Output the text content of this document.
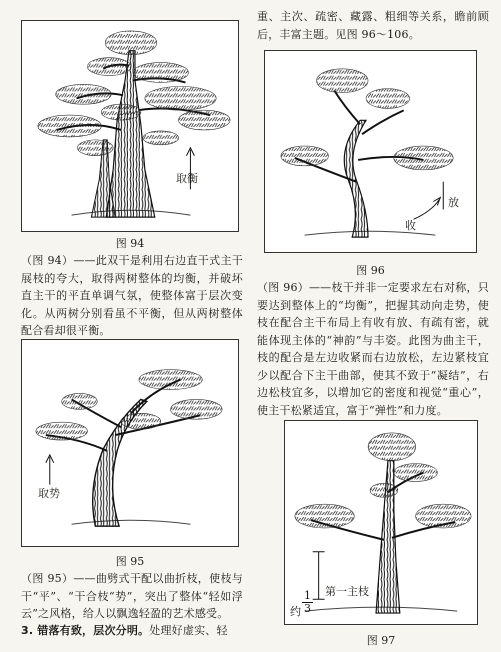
取衡
图 94
（图 94）——此双干是利用右边直干式主干展枝的夸大，取得两树整体的均衡，并破坏直主干的平直单调气氛，使整体富于层次变化。从两树分别看虽不平衡，但从两树整体配合看却很平衡。
重、主次、疏密、藏露、粗细等关系，瞻前顾后，丰富主题。见图 96～106。
收
放
图 96
（图 96）——枝干并非一定要求左右对称，只要达到整体上的“均衡”，把握其动向走势，使枝在配合主干布局上有收有放、有疏有密，就能体现主体的“神韵”与丰姿。此图为曲主干，枝的配合是左边收紧而右边放松，左边紧枝宜少以配合下主干曲部，使其不致于“凝结”，右边松枝宜多，以增加它的密度和视觉“重心”，使主干松紧适宜，富于“弹性”和力度。
取势
图 95
（图 95）——曲劈式干配以曲折枝，使枝与干“平”、“干合枝“势”，突出了整体“轻如浮云”之风格，给人以飘逸轻盈的艺术感受。
3. 错落有致，层次分明。处理好虚实、轻
第一主枝
约 $\frac{1}{3}$
图 97
